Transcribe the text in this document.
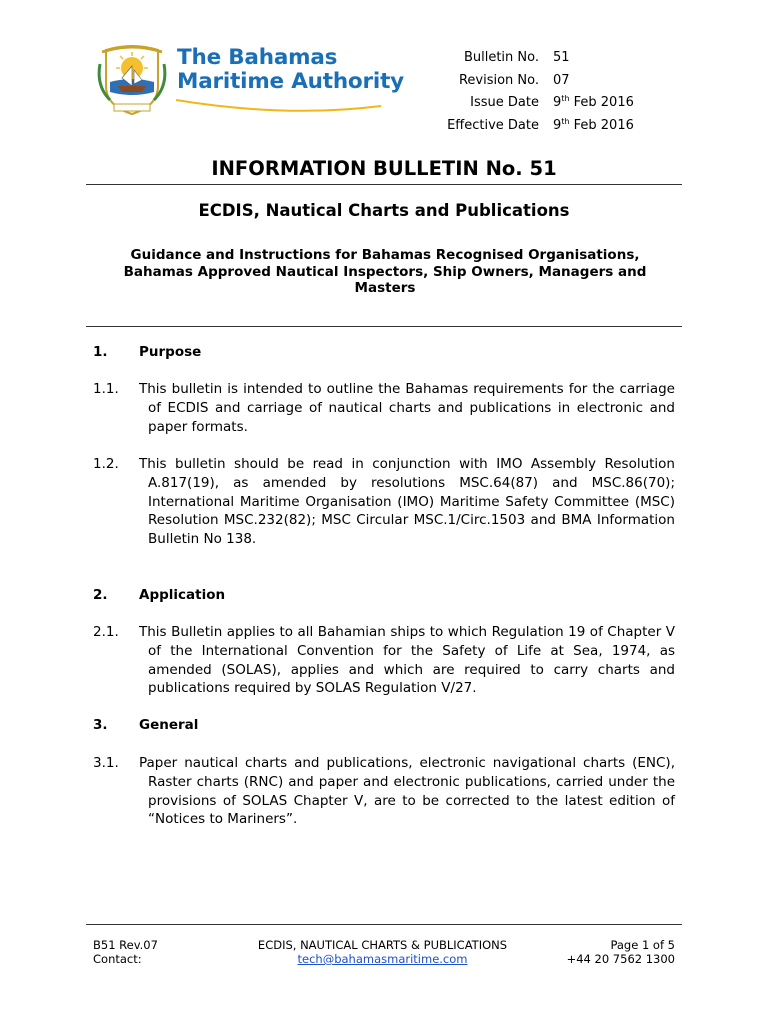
The Bahamas
Maritime Authority
Bulletin No. 51
Revision No. 07
Issue Date 9th Feb 2016
Effective Date 9th Feb 2016
INFORMATION BULLETIN No. 51
ECDIS, Nautical Charts and Publications
Guidance and Instructions for Bahamas Recognised Organisations, Bahamas Approved Nautical Inspectors, Ship Owners, Managers and Masters
1. Purpose
1.1. This bulletin is intended to outline the Bahamas requirements for the carriage of ECDIS and carriage of nautical charts and publications in electronic and paper formats.
1.2. This bulletin should be read in conjunction with IMO Assembly Resolution A.817(19), as amended by resolutions MSC.64(87) and MSC.86(70); International Maritime Organisation (IMO) Maritime Safety Committee (MSC) Resolution MSC.232(82); MSC Circular MSC.1/Circ.1503 and BMA Information Bulletin No 138.
2. Application
2.1. This Bulletin applies to all Bahamian ships to which Regulation 19 of Chapter V of the International Convention for the Safety of Life at Sea, 1974, as amended (SOLAS), applies and which are required to carry charts and publications required by SOLAS Regulation V/27.
3. General
3.1. Paper nautical charts and publications, electronic navigational charts (ENC), Raster charts (RNC) and paper and electronic publications, carried under the provisions of SOLAS Chapter V, are to be corrected to the latest edition of “Notices to Mariners”.
B51 Rev.07
Contact:
ECDIS, NAUTICAL CHARTS & PUBLICATIONS
tech@bahamasmaritime.com
Page 1 of 5
+44 20 7562 1300
